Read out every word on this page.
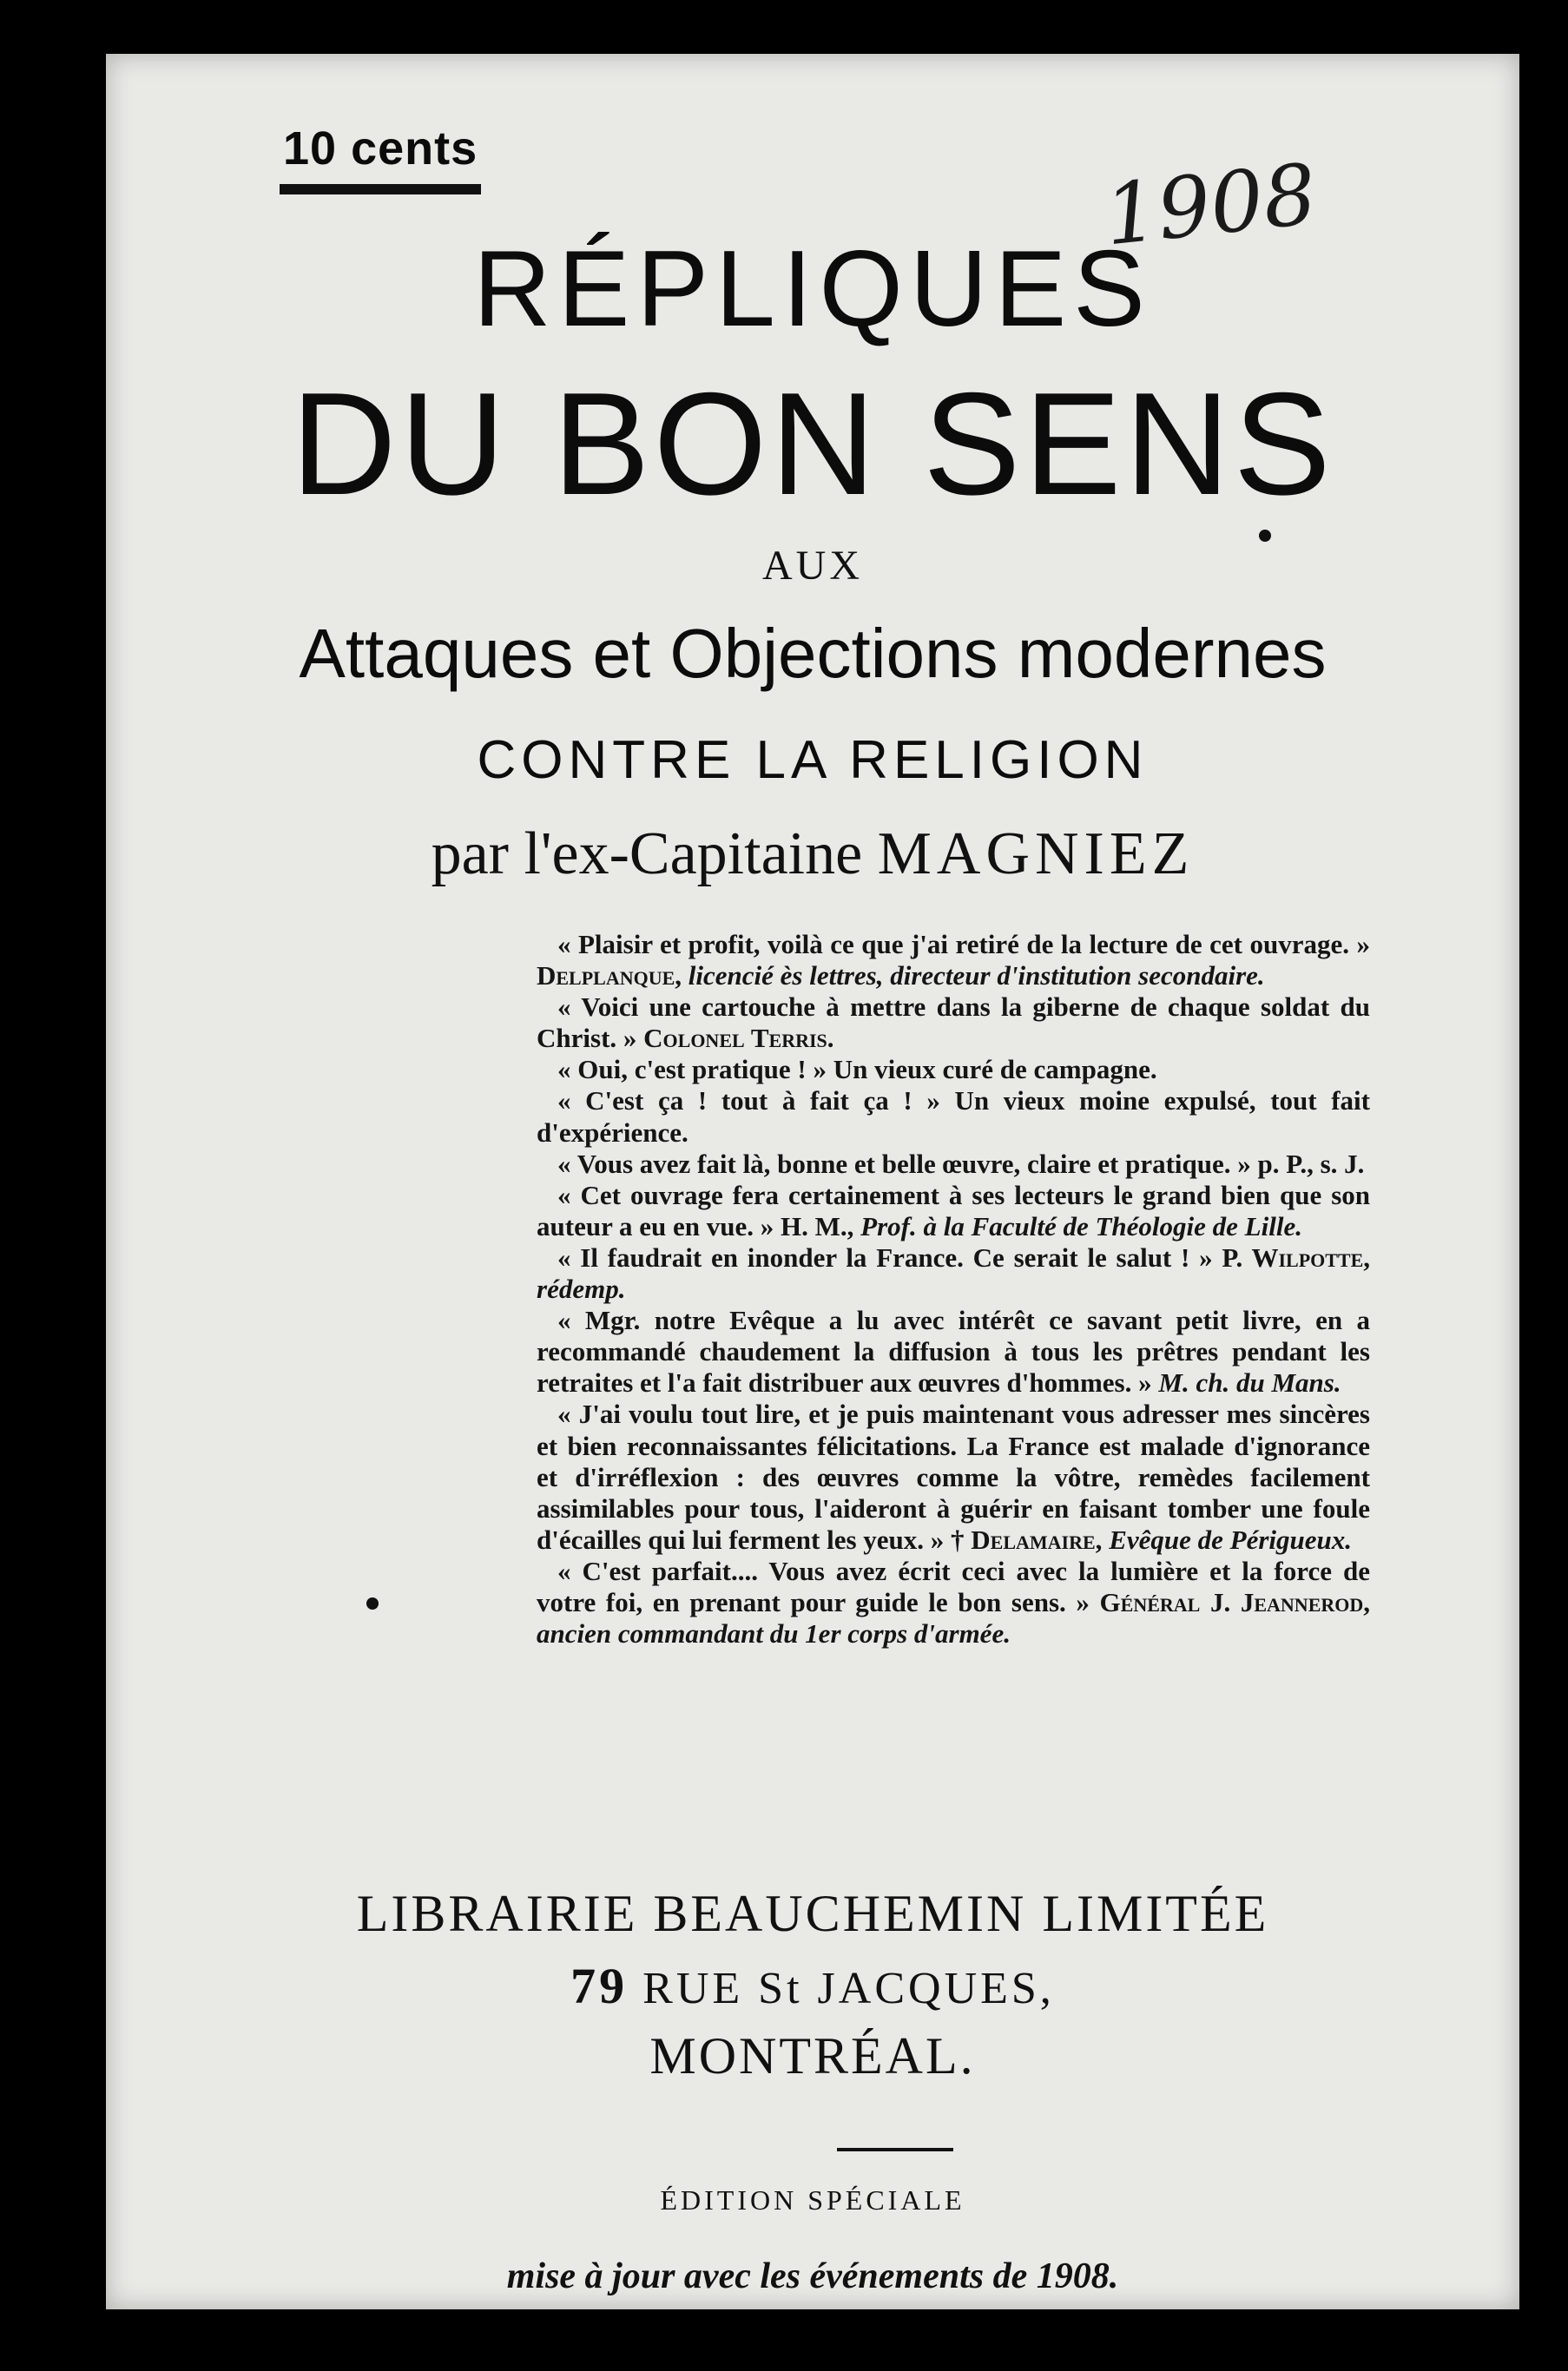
10 cents	1908
RÉPLIQUES
DU BON SENS
AUX
Attaques et Objections modernes
CONTRE LA RELIGION
par l'ex-Capitaine MAGNIEZ

« Plaisir et profit, voilà ce que j'ai retiré de la lecture de cet ouvrage. » Delplanque, licencié ès lettres, directeur d'institution secondaire.

« Voici une cartouche à mettre dans la giberne de chaque soldat du Christ. » Colonel Terris.

« Oui, c'est pratique ! » Un vieux curé de campagne.

« C'est ça ! tout à fait ça ! » Un vieux moine expulsé, tout fait d'expérience.

« Vous avez fait là, bonne et belle œuvre, claire et pratique. » p. P., s. J.

« Cet ouvrage fera certainement à ses lecteurs le grand bien que son auteur a eu en vue. » H. M., Prof. à la Faculté de Théologie de Lille.

« Il faudrait en inonder la France. Ce serait le salut ! » P. Wilpotte, rédemp.

« Mgr. notre Evêque a lu avec intérêt ce savant petit livre, en a recommandé chaudement la diffusion à tous les prêtres pendant les retraites et l'a fait distribuer aux œuvres d'hommes. » M. ch. du Mans.

« J'ai voulu tout lire, et je puis maintenant vous adresser mes sincères et bien reconnaissantes félicitations. La France est malade d'ignorance et d'irréflexion : des œuvres comme la vôtre, remèdes facilement assimilables pour tous, l'aideront à guérir en faisant tomber une foule d'écailles qui lui ferment les yeux. » † Delamaire, Evêque de Périgueux.

« C'est parfait.... Vous avez écrit ceci avec la lumière et la force de votre foi, en prenant pour guide le bon sens. » Général J. Jeannerod, ancien commandant du 1er corps d'armée.

LIBRAIRIE BEAUCHEMIN LIMITÉE
79 RUE St JACQUES,
MONTRÉAL.
ÉDITION SPÉCIALE
mise à jour avec les événements de 1908.
